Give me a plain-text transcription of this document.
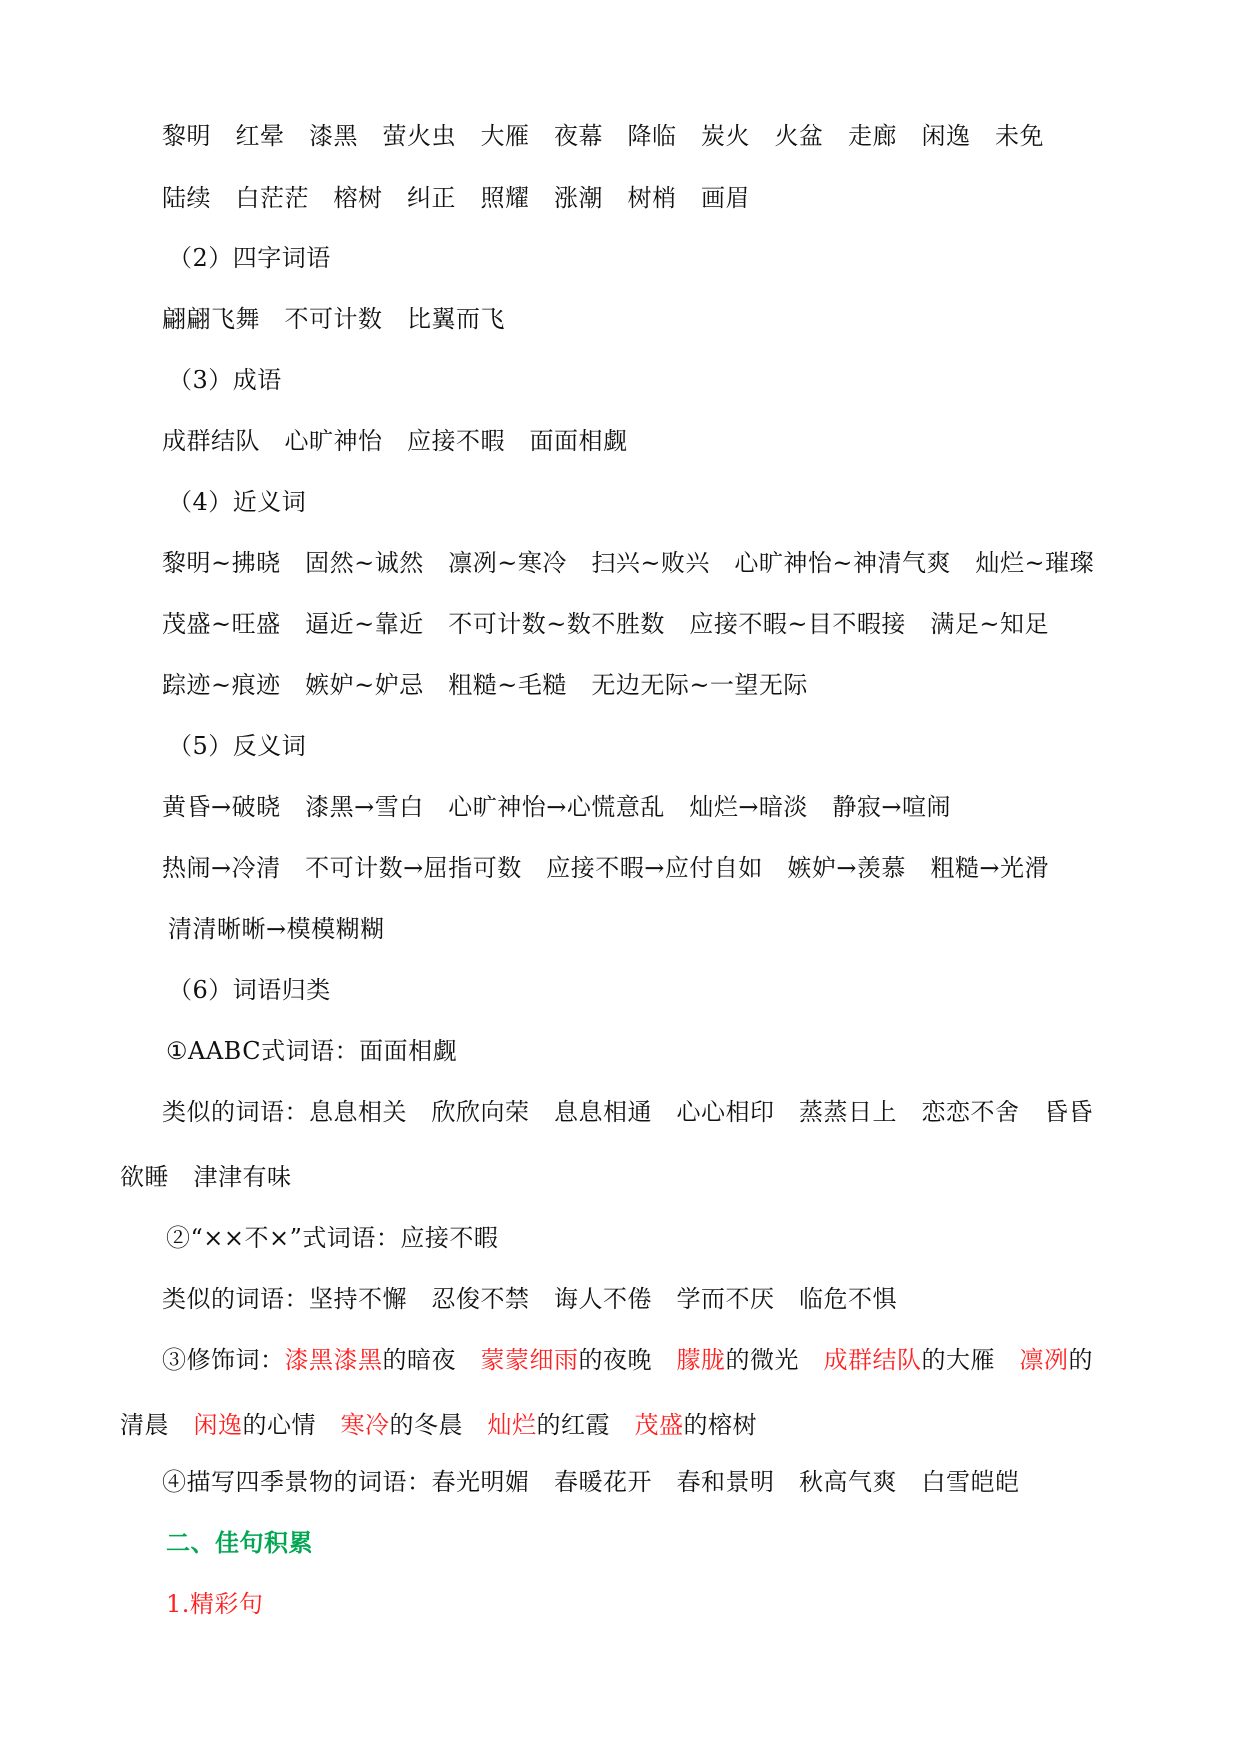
黎明　红晕　漆黑　萤火虫　大雁　夜幕　降临　炭火　火盆　走廊　闲逸　未免
陆续　白茫茫　榕树　纠正　照耀　涨潮　树梢　画眉
（2）四字词语
翩翩飞舞　不可计数　比翼而飞
（3）成语
成群结队　心旷神怡　应接不暇　面面相觑
（4）近义词
黎明~拂晓　固然~诚然　凛冽~寒冷　扫兴~败兴　心旷神怡~神清气爽　灿烂~璀璨
茂盛~旺盛　逼近~靠近　不可计数~数不胜数　应接不暇~目不暇接　满足~知足
踪迹~痕迹　嫉妒~妒忌　粗糙~毛糙　无边无际~一望无际
（5）反义词
黄昏→破晓　漆黑→雪白　心旷神怡→心慌意乱　灿烂→暗淡　静寂→喧闹
热闹→冷清　不可计数→屈指可数　应接不暇→应付自如　嫉妒→羡慕　粗糙→光滑
清清晰晰→模模糊糊
（6）词语归类
①AABC式词语：面面相觑
类似的词语：息息相关　欣欣向荣　息息相通　心心相印　蒸蒸日上　恋恋不舍　昏昏
欲睡　津津有味
②“××不×”式词语：应接不暇
类似的词语：坚持不懈　忍俊不禁　诲人不倦　学而不厌　临危不惧
④描写四季景物的词语：春光明媚　春暖花开　春和景明　秋高气爽　白雪皑皑
③修饰词：漆黑漆黑的暗夜　蒙蒙细雨的夜晚　朦胧的微光　成群结队的大雁　凛冽的
清晨　闲逸的心情　寒冷的冬晨　灿烂的红霞　茂盛的榕树
二、佳句积累
1.精彩句
